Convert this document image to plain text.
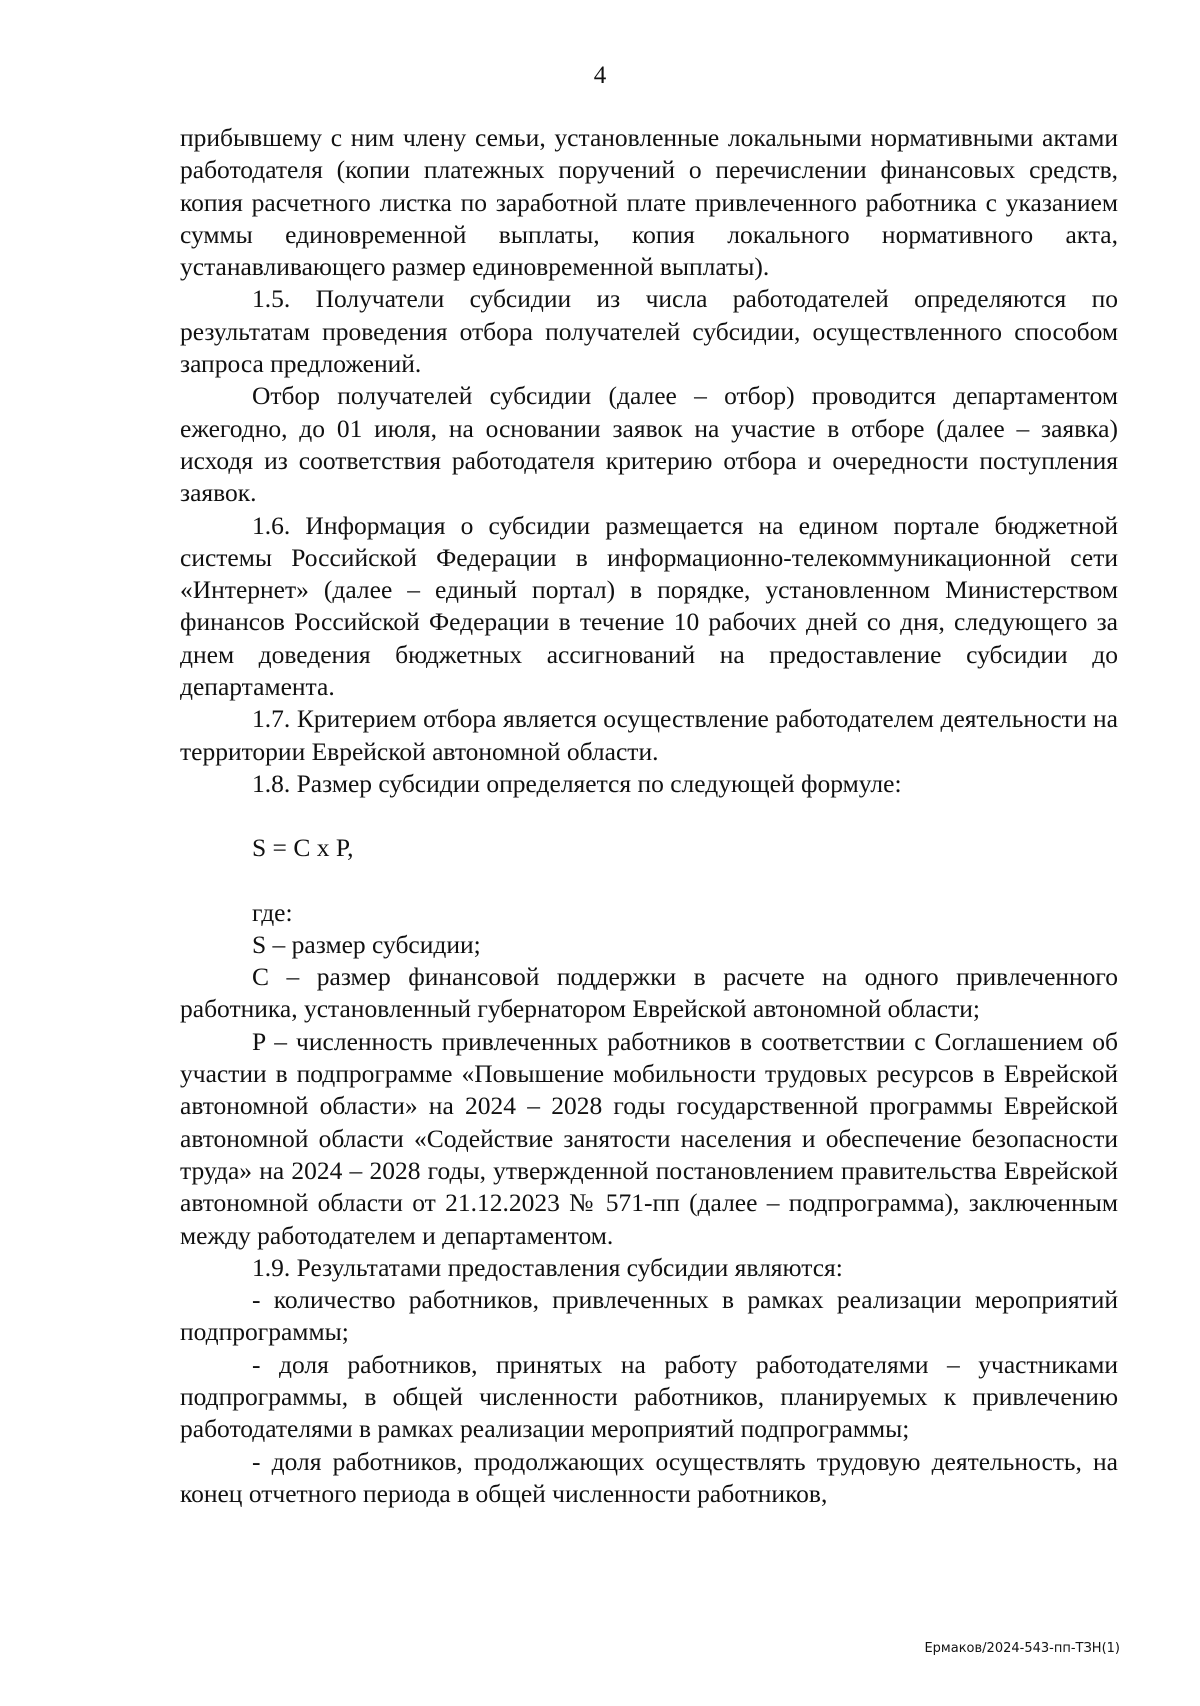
4

прибывшему с ним члену семьи, установленные локальными нормативными актами работодателя (копии платежных поручений о перечислении финансовых средств, копия расчетного листка по заработной плате привлеченного работника с указанием суммы единовременной выплаты, копия локального нормативного акта, устанавливающего размер единовременной выплаты).

1.5. Получатели субсидии из числа работодателей определяются по результатам проведения отбора получателей субсидии, осуществленного способом запроса предложений.

Отбор получателей субсидии (далее – отбор) проводится департаментом ежегодно, до 01 июля, на основании заявок на участие в отборе (далее – заявка) исходя из соответствия работодателя критерию отбора и очередности поступления заявок.

1.6. Информация о субсидии размещается на едином портале бюджетной системы Российской Федерации в информационно-телекоммуникационной сети «Интернет» (далее – единый портал) в порядке, установленном Министерством финансов Российской Федерации в течение 10 рабочих дней со дня, следующего за днем доведения бюджетных ассигнований на предоставление субсидии до департамента.

1.7. Критерием отбора является осуществление работодателем деятельности на территории Еврейской автономной области.

1.8. Размер субсидии определяется по следующей формуле:

S = C x P,

где:

S – размер субсидии;

C – размер финансовой поддержки в расчете на одного привлеченного работника, установленный губернатором Еврейской автономной области;

P – численность привлеченных работников в соответствии с Соглашением об участии в подпрограмме «Повышение мобильности трудовых ресурсов в Еврейской автономной области» на 2024 – 2028 годы государственной программы Еврейской автономной области «Содействие занятости населения и обеспечение безопасности труда» на 2024 – 2028 годы, утвержденной постановлением правительства Еврейской автономной области от 21.12.2023 № 571-пп (далее – подпрограмма), заключенным между работодателем и департаментом.

1.9. Результатами предоставления субсидии являются:

- количество работников, привлеченных в рамках реализации мероприятий подпрограммы;

- доля работников, принятых на работу работодателями – участниками подпрограммы, в общей численности работников, планируемых к привлечению работодателями в рамках реализации мероприятий подпрограммы;

- доля работников, продолжающих осуществлять трудовую деятельность, на конец отчетного периода в общей численности работников,

Ермаков/2024-543-пп-ТЗН(1)
